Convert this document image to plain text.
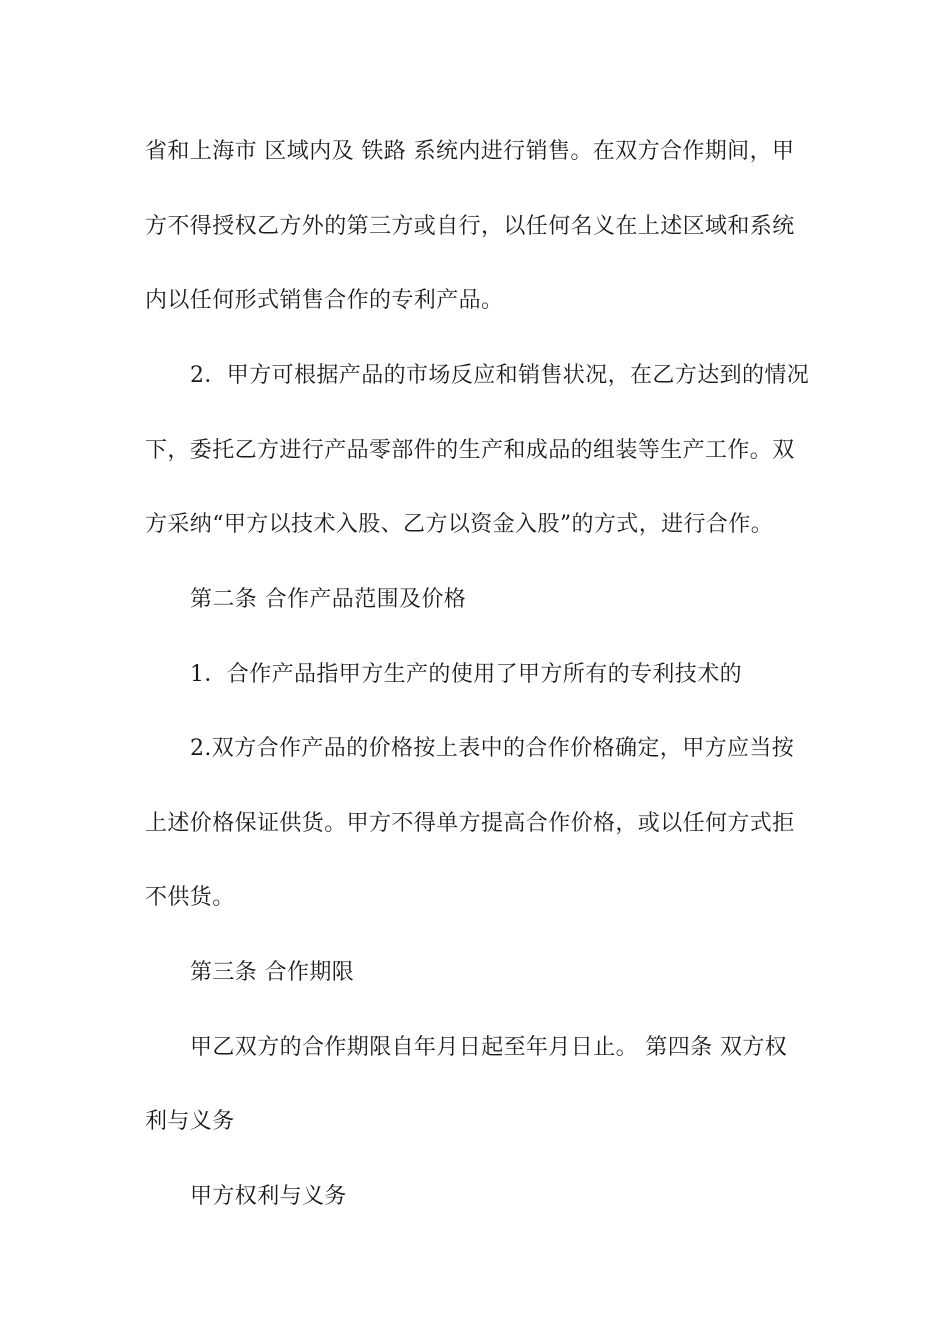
省和上海市 区域内及 铁路 系统内进行销售。在双方合作期间，甲
方不得授权乙方外的第三方或自行，以任何名义在上述区域和系统
内以任何形式销售合作的专利产品。
2．甲方可根据产品的市场反应和销售状况，在乙方达到的情况
下，委托乙方进行产品零部件的生产和成品的组装等生产工作。双
方采纳“甲方以技术入股、乙方以资金入股”的方式，进行合作。
第二条 合作产品范围及价格
1．合作产品指甲方生产的使用了甲方所有的专利技术的
2.双方合作产品的价格按上表中的合作价格确定，甲方应当按
上述价格保证供货。甲方不得单方提高合作价格，或以任何方式拒
不供货。
第三条 合作期限
甲乙双方的合作期限自年月日起至年月日止。 第四条 双方权
利与义务
甲方权利与义务
